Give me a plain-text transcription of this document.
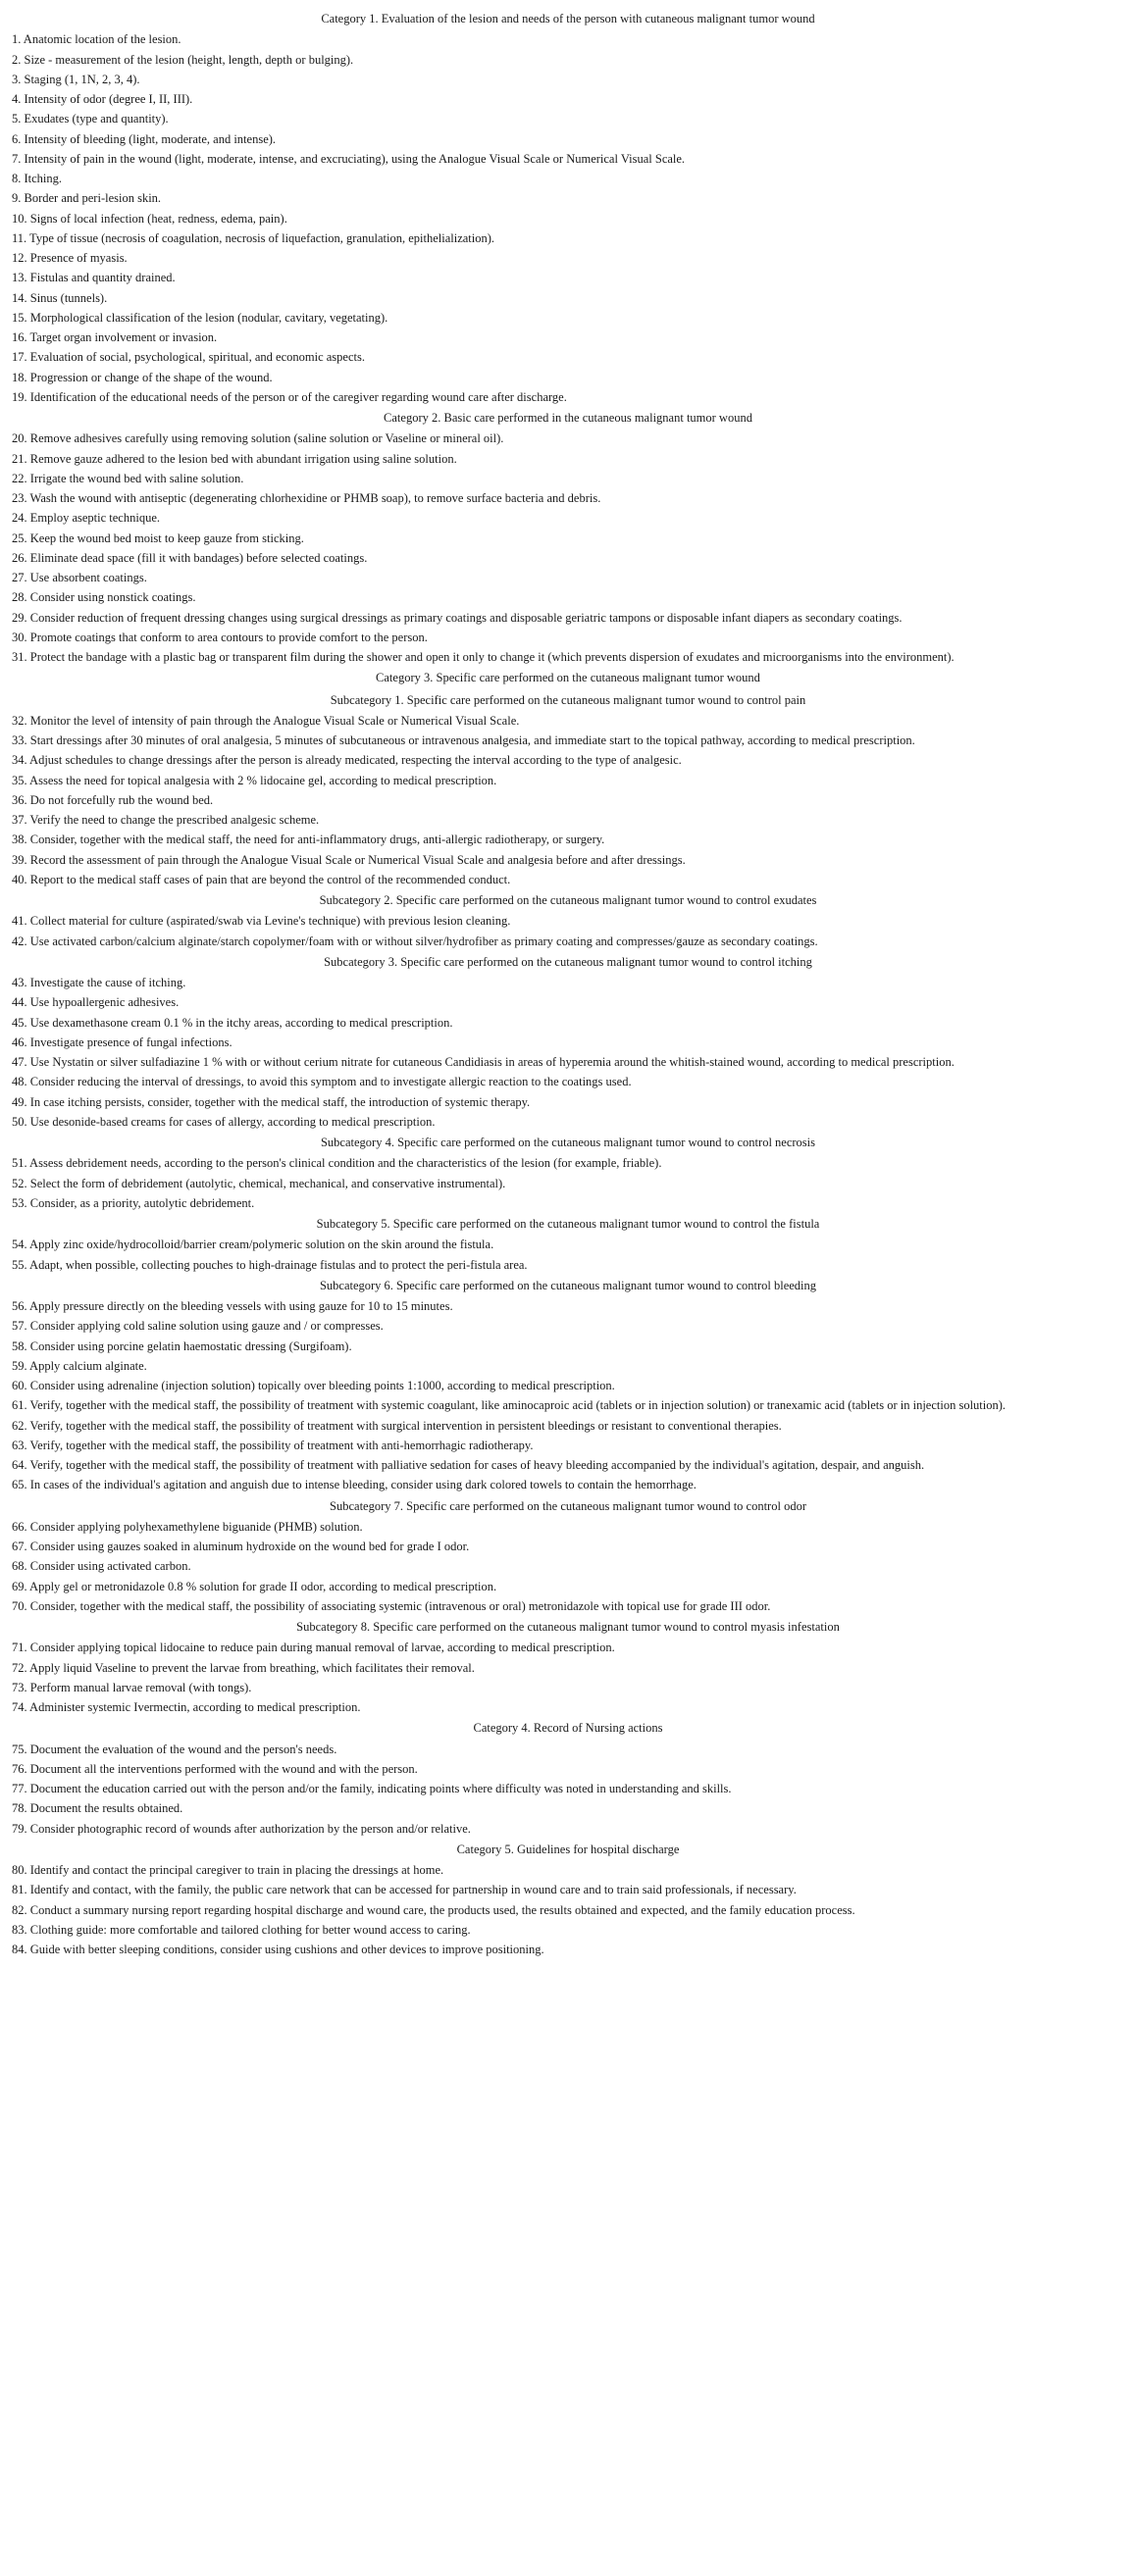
Category 1. Evaluation of the lesion and needs of the person with cutaneous malignant tumor wound
1. Anatomic location of the lesion.
2. Size - measurement of the lesion (height, length, depth or bulging).
3. Staging (1, 1N, 2, 3, 4).
4. Intensity of odor (degree I, II, III).
5. Exudates (type and quantity).
6. Intensity of bleeding (light, moderate, and intense).
7. Intensity of pain in the wound (light, moderate, intense, and excruciating), using the Analogue Visual Scale or Numerical Visual Scale.
8. Itching.
9. Border and peri-lesion skin.
10. Signs of local infection (heat, redness, edema, pain).
11. Type of tissue (necrosis of coagulation, necrosis of liquefaction, granulation, epithelialization).
12. Presence of myasis.
13. Fistulas and quantity drained.
14. Sinus (tunnels).
15. Morphological classification of the lesion (nodular, cavitary, vegetating).
16. Target organ involvement or invasion.
17. Evaluation of social, psychological, spiritual, and economic aspects.
18. Progression or change of the shape of the wound.
19. Identification of the educational needs of the person or of the caregiver regarding wound care after discharge.
Category 2. Basic care performed in the cutaneous malignant tumor wound
20. Remove adhesives carefully using removing solution (saline solution or Vaseline or mineral oil).
21. Remove gauze adhered to the lesion bed with abundant irrigation using saline solution.
22. Irrigate the wound bed with saline solution.
23. Wash the wound with antiseptic (degenerating chlorhexidine or PHMB soap), to remove surface bacteria and debris.
24. Employ aseptic technique.
25. Keep the wound bed moist to keep gauze from sticking.
26. Eliminate dead space (fill it with bandages) before selected coatings.
27. Use absorbent coatings.
28. Consider using nonstick coatings.
29. Consider reduction of frequent dressing changes using surgical dressings as primary coatings and disposable geriatric tampons or disposable infant diapers as secondary coatings.
30. Promote coatings that conform to area contours to provide comfort to the person.
31. Protect the bandage with a plastic bag or transparent film during the shower and open it only to change it (which prevents dispersion of exudates and microorganisms into the environment).
Category 3. Specific care performed on the cutaneous malignant tumor wound
Subcategory 1. Specific care performed on the cutaneous malignant tumor wound to control pain
32. Monitor the level of intensity of pain through the Analogue Visual Scale or Numerical Visual Scale.
33. Start dressings after 30 minutes of oral analgesia, 5 minutes of subcutaneous or intravenous analgesia, and immediate start to the topical pathway, according to medical prescription.
34. Adjust schedules to change dressings after the person is already medicated, respecting the interval according to the type of analgesic.
35. Assess the need for topical analgesia with 2 % lidocaine gel, according to medical prescription.
36. Do not forcefully rub the wound bed.
37. Verify the need to change the prescribed analgesic scheme.
38. Consider, together with the medical staff, the need for anti-inflammatory drugs, anti-allergic radiotherapy, or surgery.
39. Record the assessment of pain through the Analogue Visual Scale or Numerical Visual Scale and analgesia before and after dressings.
40. Report to the medical staff cases of pain that are beyond the control of the recommended conduct.
Subcategory 2. Specific care performed on the cutaneous malignant tumor wound to control exudates
41. Collect material for culture (aspirated/swab via Levine's technique) with previous lesion cleaning.
42. Use activated carbon/calcium alginate/starch copolymer/foam with or without silver/hydrofiber as primary coating and compresses/gauze as secondary coatings.
Subcategory 3. Specific care performed on the cutaneous malignant tumor wound to control itching
43. Investigate the cause of itching.
44. Use hypoallergenic adhesives.
45. Use dexamethasone cream 0.1 % in the itchy areas, according to medical prescription.
46. Investigate presence of fungal infections.
47. Use Nystatin or silver sulfadiazine 1 % with or without cerium nitrate for cutaneous Candidiasis in areas of hyperemia around the whitish-stained wound, according to medical prescription.
48. Consider reducing the interval of dressings, to avoid this symptom and to investigate allergic reaction to the coatings used.
49. In case itching persists, consider, together with the medical staff, the introduction of systemic therapy.
50. Use desonide-based creams for cases of allergy, according to medical prescription.
Subcategory 4. Specific care performed on the cutaneous malignant tumor wound to control necrosis
51. Assess debridement needs, according to the person's clinical condition and the characteristics of the lesion (for example, friable).
52. Select the form of debridement (autolytic, chemical, mechanical, and conservative instrumental).
53. Consider, as a priority, autolytic debridement.
Subcategory 5. Specific care performed on the cutaneous malignant tumor wound to control the fistula
54. Apply zinc oxide/hydrocolloid/barrier cream/polymeric solution on the skin around the fistula.
55. Adapt, when possible, collecting pouches to high-drainage fistulas and to protect the peri-fistula area.
Subcategory 6. Specific care performed on the cutaneous malignant tumor wound to control bleeding
56. Apply pressure directly on the bleeding vessels with using gauze for 10 to 15 minutes.
57. Consider applying cold saline solution using gauze and / or compresses.
58. Consider using porcine gelatin haemostatic dressing (Surgifoam).
59. Apply calcium alginate.
60. Consider using adrenaline (injection solution) topically over bleeding points 1:1000, according to medical prescription.
61. Verify, together with the medical staff, the possibility of treatment with systemic coagulant, like aminocaproic acid (tablets or in injection solution) or tranexamic acid (tablets or in injection solution).
62. Verify, together with the medical staff, the possibility of treatment with surgical intervention in persistent bleedings or resistant to conventional therapies.
63. Verify, together with the medical staff, the possibility of treatment with anti-hemorrhagic radiotherapy.
64. Verify, together with the medical staff, the possibility of treatment with palliative sedation for cases of heavy bleeding accompanied by the individual's agitation, despair, and anguish.
65. In cases of the individual's agitation and anguish due to intense bleeding, consider using dark colored towels to contain the hemorrhage.
Subcategory 7. Specific care performed on the cutaneous malignant tumor wound to control odor
66. Consider applying polyhexamethylene biguanide (PHMB) solution.
67. Consider using gauzes soaked in aluminum hydroxide on the wound bed for grade I odor.
68. Consider using activated carbon.
69. Apply gel or metronidazole 0.8 % solution for grade II odor, according to medical prescription.
70. Consider, together with the medical staff, the possibility of associating systemic (intravenous or oral) metronidazole with topical use for grade III odor.
Subcategory 8. Specific care performed on the cutaneous malignant tumor wound to control myasis infestation
71. Consider applying topical lidocaine to reduce pain during manual removal of larvae, according to medical prescription.
72. Apply liquid Vaseline to prevent the larvae from breathing, which facilitates their removal.
73. Perform manual larvae removal (with tongs).
74. Administer systemic Ivermectin, according to medical prescription.
Category 4. Record of Nursing actions
75. Document the evaluation of the wound and the person's needs.
76. Document all the interventions performed with the wound and with the person.
77. Document the education carried out with the person and/or the family, indicating points where difficulty was noted in understanding and skills.
78. Document the results obtained.
79. Consider photographic record of wounds after authorization by the person and/or relative.
Category 5. Guidelines for hospital discharge
80. Identify and contact the principal caregiver to train in placing the dressings at home.
81. Identify and contact, with the family, the public care network that can be accessed for partnership in wound care and to train said professionals, if necessary.
82. Conduct a summary nursing report regarding hospital discharge and wound care, the products used, the results obtained and expected, and the family education process.
83. Clothing guide: more comfortable and tailored clothing for better wound access to caring.
84. Guide with better sleeping conditions, consider using cushions and other devices to improve positioning.
